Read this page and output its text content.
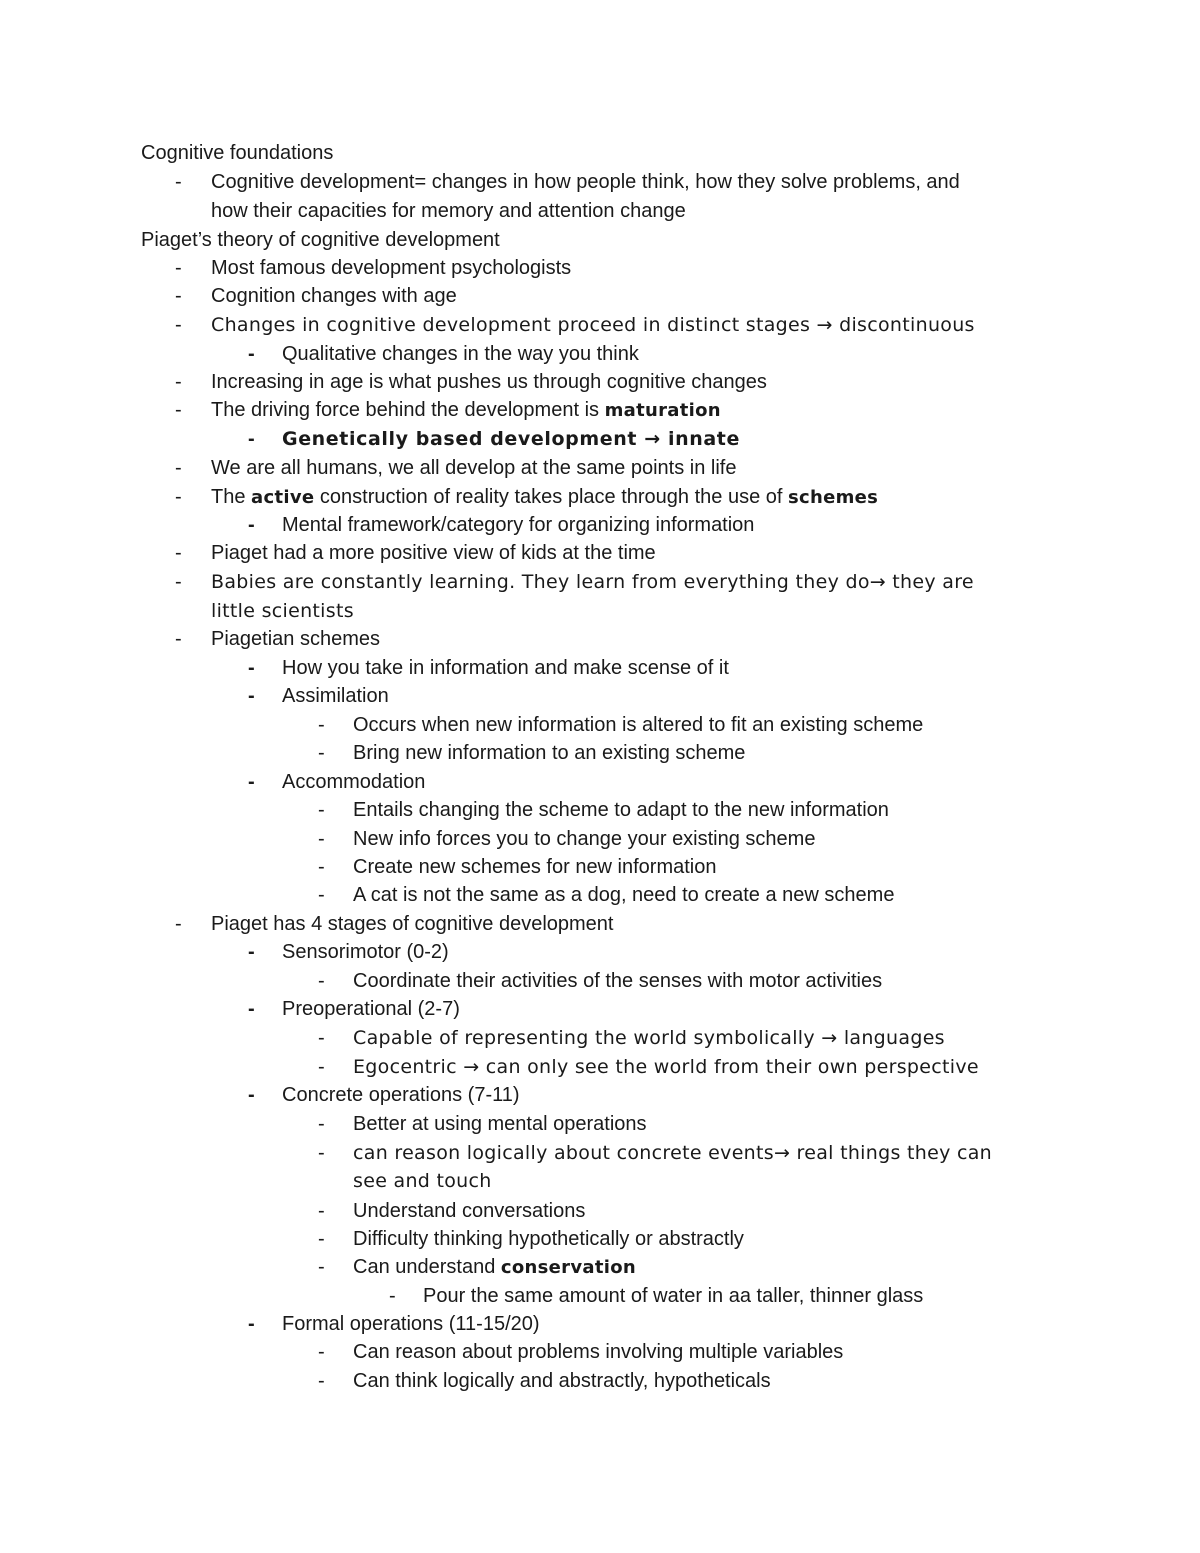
Cognitive foundations
-	Cognitive development= changes in how people think, how they solve problems, and
how their capacities for memory and attention change
Piaget’s theory of cognitive development
-	Most famous development psychologists
-	Cognition changes with age
-	Changes in cognitive development proceed in distinct stages → discontinuous
-	Qualitative changes in the way you think
-	Increasing in age is what pushes us through cognitive changes
-	The driving force behind the development is maturation
-	Genetically based development → innate
-	We are all humans, we all develop at the same points in life
-	The active construction of reality takes place through the use of schemes
-	Mental framework/category for organizing information
-	Piaget had a more positive view of kids at the time
-	Babies are constantly learning. They learn from everything they do→ they are
little scientists
-	Piagetian schemes
-	How you take in information and make scense of it
-	Assimilation
-	Occurs when new information is altered to fit an existing scheme
-	Bring new information to an existing scheme
-	Accommodation
-	Entails changing the scheme to adapt to the new information
-	New info forces you to change your existing scheme
-	Create new schemes for new information
-	A cat is not the same as a dog, need to create a new scheme
-	Piaget has 4 stages of cognitive development
-	Sensorimotor (0-2)
-	Coordinate their activities of the senses with motor activities
-	Preoperational (2-7)
-	Capable of representing the world symbolically → languages
-	Egocentric → can only see the world from their own perspective
-	Concrete operations (7-11)
-	Better at using mental operations
-	can reason logically about concrete events→ real things they can
see and touch
-	Understand conversations
-	Difficulty thinking hypothetically or abstractly
-	Can understand conservation
-	Pour the same amount of water in aa taller, thinner glass
-	Formal operations (11-15/20)
-	Can reason about problems involving multiple variables
-	Can think logically and abstractly, hypotheticals
